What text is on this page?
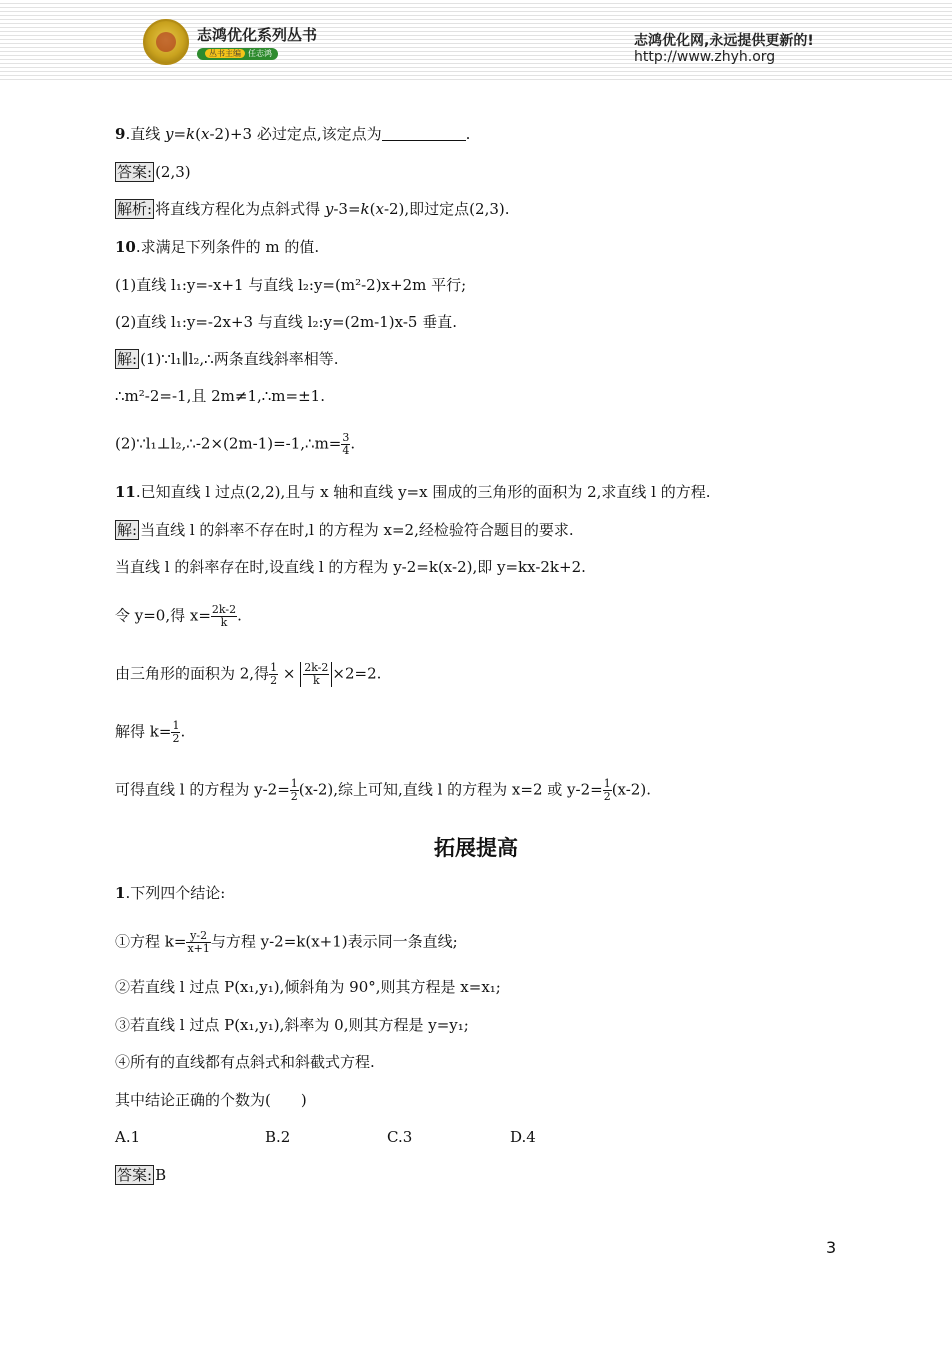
志鸿优化系列丛书
丛书主编 任志鸿
志鸿优化网,永远提供更新的!
http://www.zhyh.org
9.直线 y=k(x-2)+3 必过定点,该定点为	.
答案: (2,3)
解析: 将直线方程化为点斜式得 y-3=k(x-2),即过定点(2,3).
10.求满足下列条件的 m 的值.
(1)直线 l₁:y=-x+1 与直线 l₂:y=(m²-2)x+2m 平行;
(2)直线 l₁:y=-2x+3 与直线 l₂:y=(2m-1)x-5 垂直.
解: (1)∵l₁∥l₂,∴两条直线斜率相等.
∴m²-2=-1,且 2m≠1,∴m=±1.
(2)∵l₁⊥l₂,∴-2×(2m-1)=-1,∴m= $\frac{3}{4}$ .
11.已知直线 l 过点(2,2),且与 x 轴和直线 y=x 围成的三角形的面积为 2,求直线 l 的方程.
解: 当直线 l 的斜率不存在时,l 的方程为 x=2,经检验符合题目的要求.
当直线 l 的斜率存在时,设直线 l 的方程为 y-2=k(x-2),即 y=kx-2k+2.
令 y=0,得 $x= \frac{2k-2}{k}$ .
由三角形的面积为 2,得 $\frac{1}{2} \times \frac{2k-2}{k} \times 2=2$.
解得 $k= \frac{1}{2}$ .
可得直线 l 的方程为 $y-2= \frac{1}{2} (x-2)$,综上可知,直线 l 的方程为 x=2 或 $y-2= \frac{1}{2} (x-2)$.
拓展提高
1.下列四个结论:
①方程 $k= \frac{y-2}{x+1}$ 与方程 y-2=k(x+1)表示同一条直线;
②若直线 l 过点 P(x₁,y₁),倾斜角为 90°,则其方程是 x=x₁;
③若直线 l 过点 P(x₁,y₁),斜率为 0,则其方程是 y=y₁;
④所有的直线都有点斜式和斜截式方程.
其中结论正确的个数为(　　)
A.1	B.2	C.3	D.4
答案: B
3
